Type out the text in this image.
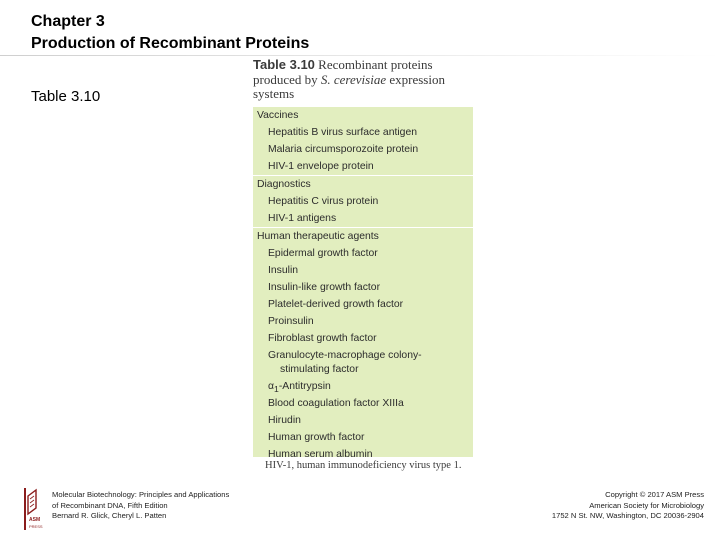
Chapter 3
Production of Recombinant Proteins
Table 3.10
Table 3.10 Recombinant proteins produced by S. cerevisiae expression systems
Vaccines
Hepatitis B virus surface antigen
Malaria circumsporozoite protein
HIV-1 envelope protein
Diagnostics
Hepatitis C virus protein
HIV-1 antigens
Human therapeutic agents
Epidermal growth factor
Insulin
Insulin-like growth factor
Platelet-derived growth factor
Proinsulin
Fibroblast growth factor
Granulocyte-macrophage colony-
stimulating factor
$\alpha_1$-Antitrypsin
Blood coagulation factor XIIIa
Hirudin
Human growth factor
Human serum albumin
HIV-1, human immunodeficiency virus type 1.
ASM
PRESS
Molecular Biotechnology: Principles and Applications
of Recombinant DNA, Fifth Edition
Bernard R. Glick, Cheryl L. Patten
Copyright © 2017 ASM Press
American Society for Microbiology
1752 N St. NW, Washington, DC 20036-2904
